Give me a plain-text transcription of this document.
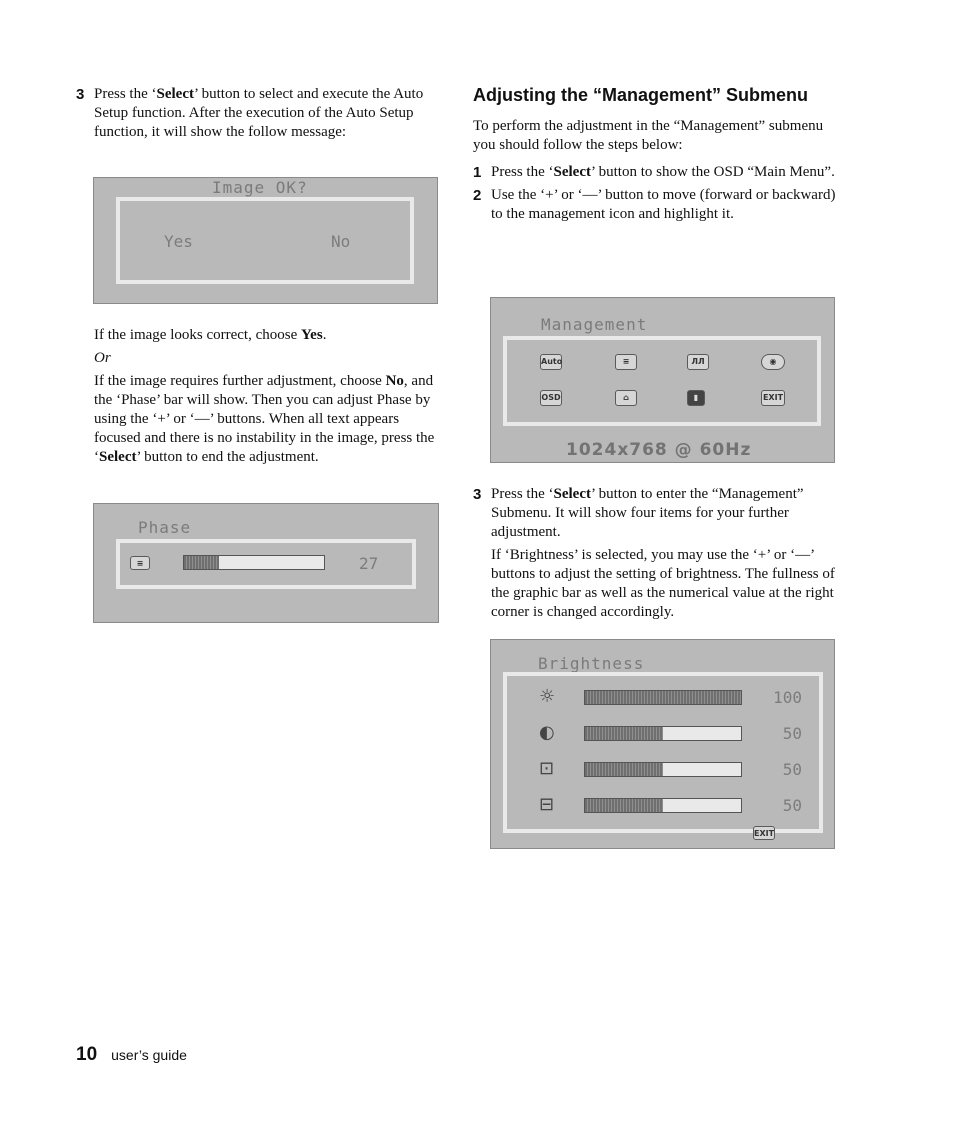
3 Press the ‘Select’ button to select and execute the Auto Setup function. After the execution of the Auto Setup function, it will show the follow message:
Image OK?
Yes	No

If the image looks correct, choose Yes.

Or

If the image requires further adjustment, choose No, and the ‘Phase’ bar will show. Then you can adjust Phase by using the ‘+’ or ‘—’ buttons. When all text appears focused and there is no instability in the image, press the ‘Select’ button to end the adjustment.

Phase
≡	27
Adjusting the “Management” Submenu

To perform the adjustment in the “Management” submenu you should follow the steps below:

1 Press the ‘Select’ button to show the OSD “Main Menu”.
2 Use the ‘+’ or ‘—’ button to move (forward or backward) to the management icon and highlight it.
Management
Auto	≡	ЛЛ	◉
OSD	⌂	▮	EXIT
1024x768 @ 60Hz
3 Press the ‘Select’ button to enter the “Management” Submenu. It will show four items for your further adjustment.

If ‘Brightness’ is selected, you may use the ‘+’ or ‘—’ buttons to adjust the setting of brightness. The fullness of the graphic bar as well as the numerical value at the right corner is changed accordingly.

Brightness
☼	100
◐	50
⊡	50
⊟	50
EXIT
10 user’s guide
